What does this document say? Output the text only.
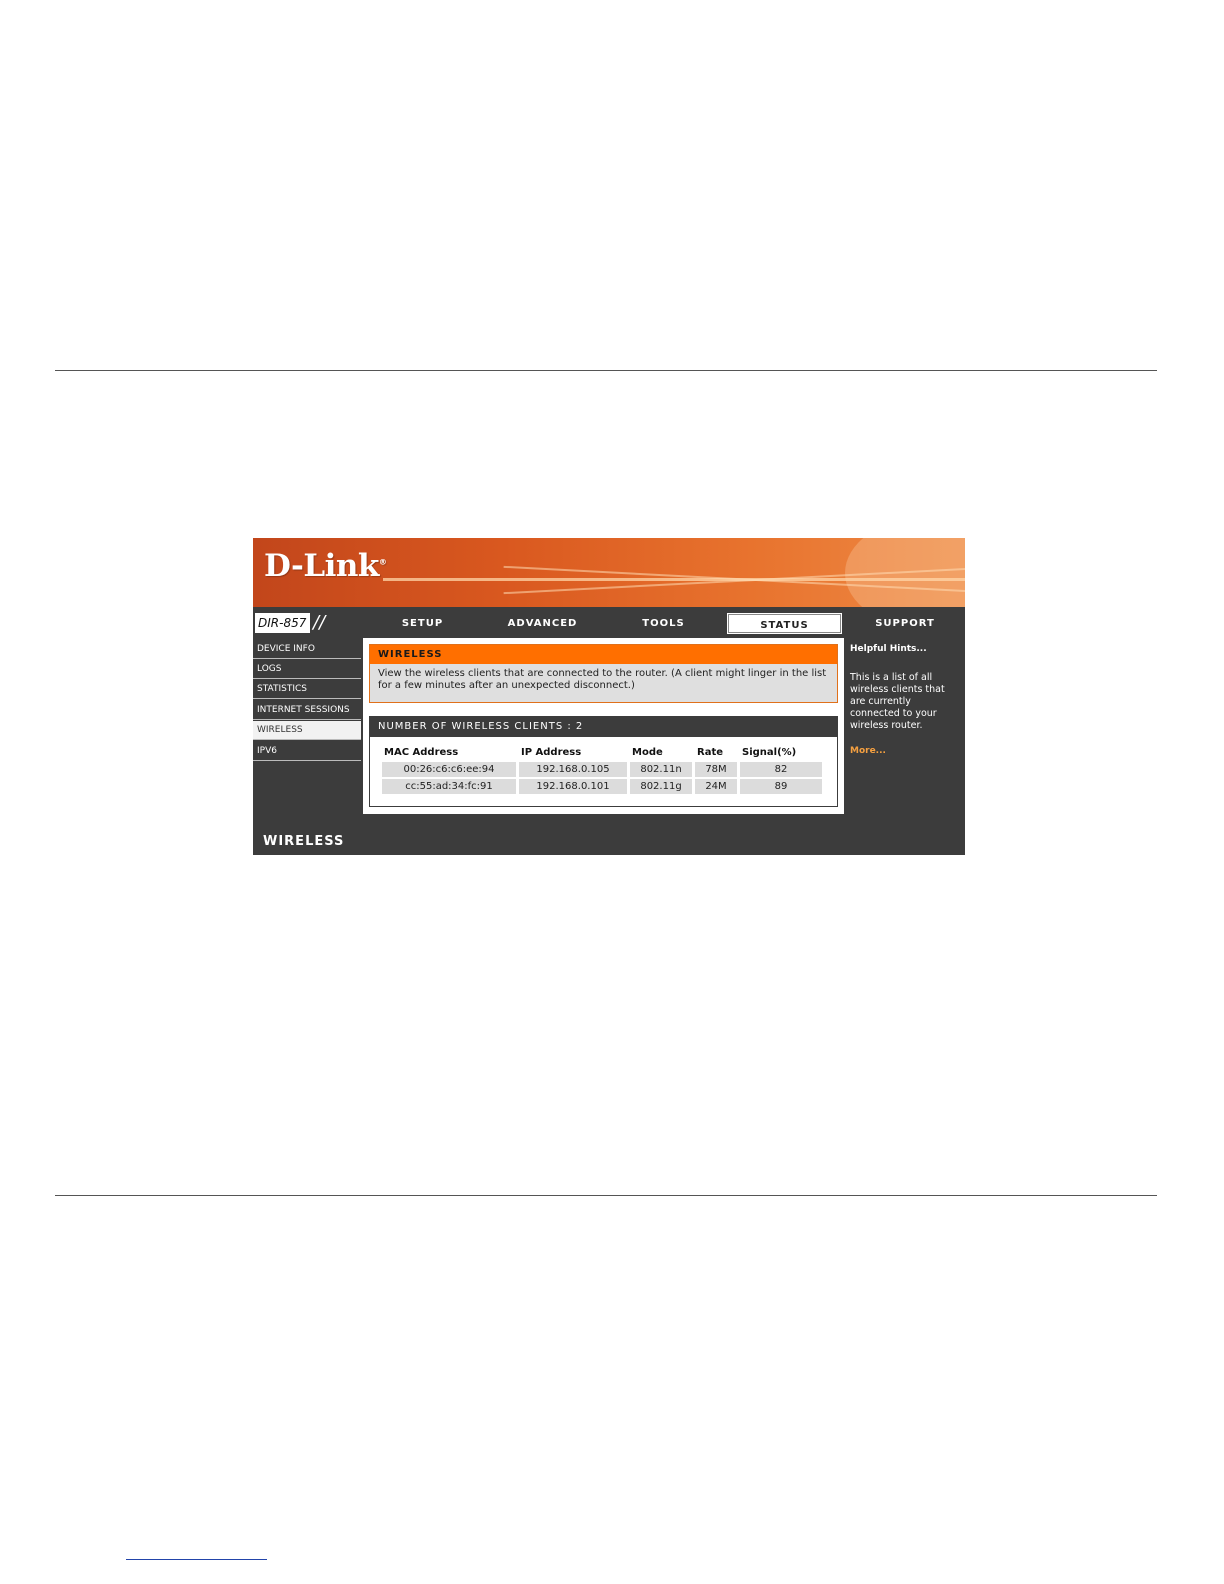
D-Link®
DIR-857 //	SETUP	ADVANCED	TOOLS	STATUS	SUPPORT
DEVICE INFO
LOGS
STATISTICS
INTERNET SESSIONS
WIRELESS
IPV6
WIRELESS
View the wireless clients that are connected to the router. (A client might linger in the list for a few minutes after an unexpected disconnect.)
NUMBER OF WIRELESS CLIENTS : 2
MAC Address	IP Address	Mode	Rate	Signal(%)
00:26:c6:c6:ee:94	192.168.0.105	802.11n	78M	82
cc:55:ad:34:fc:91	192.168.0.101	802.11g	24M	89
Helpful Hints...
This is a list of all wireless clients that are currently connected to your wireless router.
More...
WIRELESS
